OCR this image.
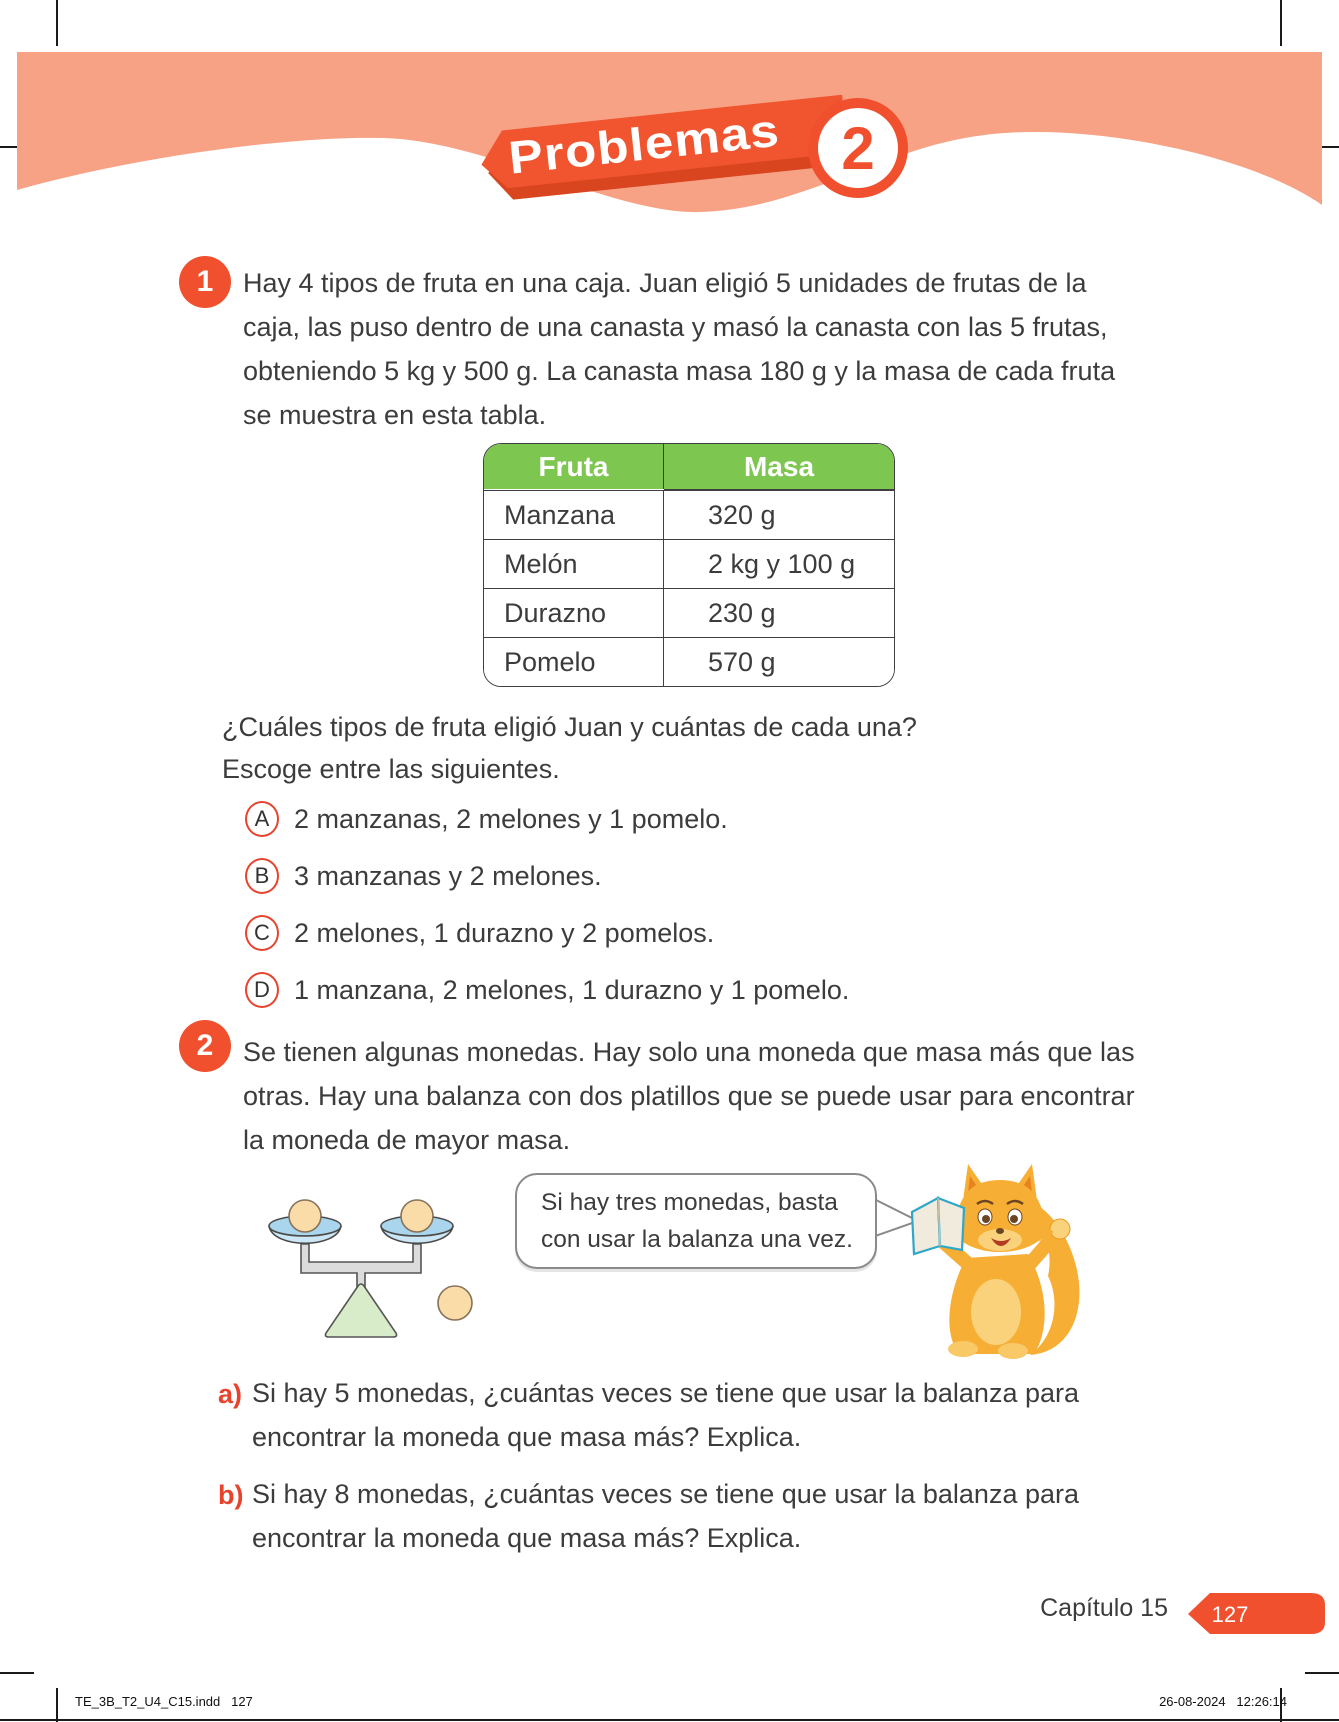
Problemas	2
1 Hay 4 tipos de fruta en una caja. Juan eligió 5 unidades de frutas de la
caja, las puso dentro de una canasta y masó la canasta con las 5 frutas,
obteniendo 5 kg y 500 g. La canasta masa 180 g y la masa de cada fruta
se muestra en esta tabla.
Fruta	Masa
Manzana	320 g
Melón	2 kg y 100 g
Durazno	230 g
Pomelo	570 g
¿Cuáles tipos de fruta eligió Juan y cuántas de cada una?
Escoge entre las siguientes.
A 2 manzanas, 2 melones y 1 pomelo.
B 3 manzanas y 2 melones.
C 2 melones, 1 durazno y 2 pomelos.
D 1 manzana, 2 melones, 1 durazno y 1 pomelo.
2 Se tienen algunas monedas. Hay solo una moneda que masa más que las
otras. Hay una balanza con dos platillos que se puede usar para encontrar
la moneda de mayor masa.
Si hay tres monedas, basta
con usar la balanza una vez.
a) Si hay 5 monedas, ¿cuántas veces se tiene que usar la balanza para
encontrar la moneda que masa más? Explica.
b) Si hay 8 monedas, ¿cuántas veces se tiene que usar la balanza para
encontrar la moneda que masa más? Explica.
Capítulo 15 127
TE_3B_T2_U4_C15.indd   127	26-08-2024   12:26:14
